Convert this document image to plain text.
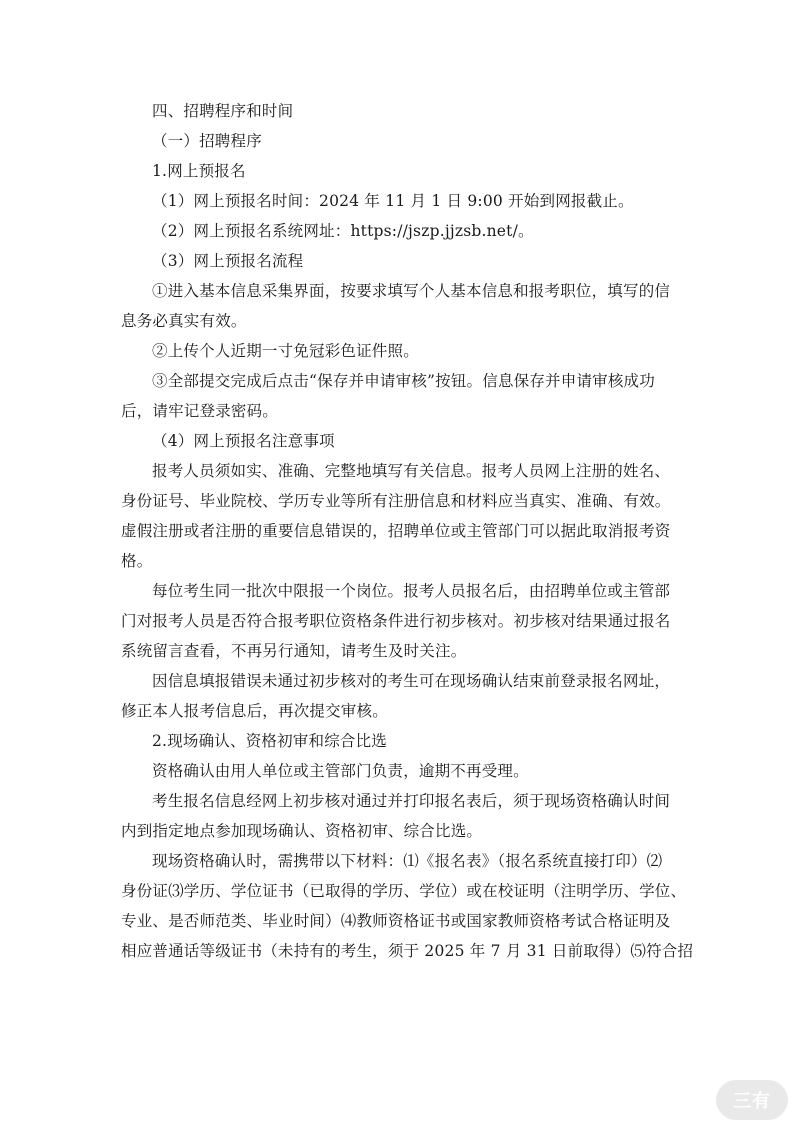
四、招聘程序和时间
（一）招聘程序
1.网上预报名
（1）网上预报名时间：2024 年 11 月 1 日 9:00 开始到网报截止。
（2）网上预报名系统网址：https://jszp.jjzsb.net/。
（3）网上预报名流程
①进入基本信息采集界面，按要求填写个人基本信息和报考职位，填写的信
息务必真实有效。
②上传个人近期一寸免冠彩色证件照。
③全部提交完成后点击“保存并申请审核”按钮。信息保存并申请审核成功
后，请牢记登录密码。
（4）网上预报名注意事项
报考人员须如实、准确、完整地填写有关信息。报考人员网上注册的姓名、
身份证号、毕业院校、学历专业等所有注册信息和材料应当真实、准确、有效。
虚假注册或者注册的重要信息错误的，招聘单位或主管部门可以据此取消报考资
格。
每位考生同一批次中限报一个岗位。报考人员报名后，由招聘单位或主管部
门对报考人员是否符合报考职位资格条件进行初步核对。初步核对结果通过报名
系统留言查看，不再另行通知，请考生及时关注。
因信息填报错误未通过初步核对的考生可在现场确认结束前登录报名网址，
修正本人报考信息后，再次提交审核。
2.现场确认、资格初审和综合比选
资格确认由用人单位或主管部门负责，逾期不再受理。
考生报名信息经网上初步核对通过并打印报名表后，须于现场资格确认时间
内到指定地点参加现场确认、资格初审、综合比选。
现场资格确认时，需携带以下材料：⑴《报名表》（报名系统直接打印）⑵
身份证⑶学历、学位证书（已取得的学历、学位）或在校证明（注明学历、学位、
专业、是否师范类、毕业时间）⑷教师资格证书或国家教师资格考试合格证明及
相应普通话等级证书（未持有的考生，须于 2025 年 7 月 31 日前取得）⑸符合招
三有
